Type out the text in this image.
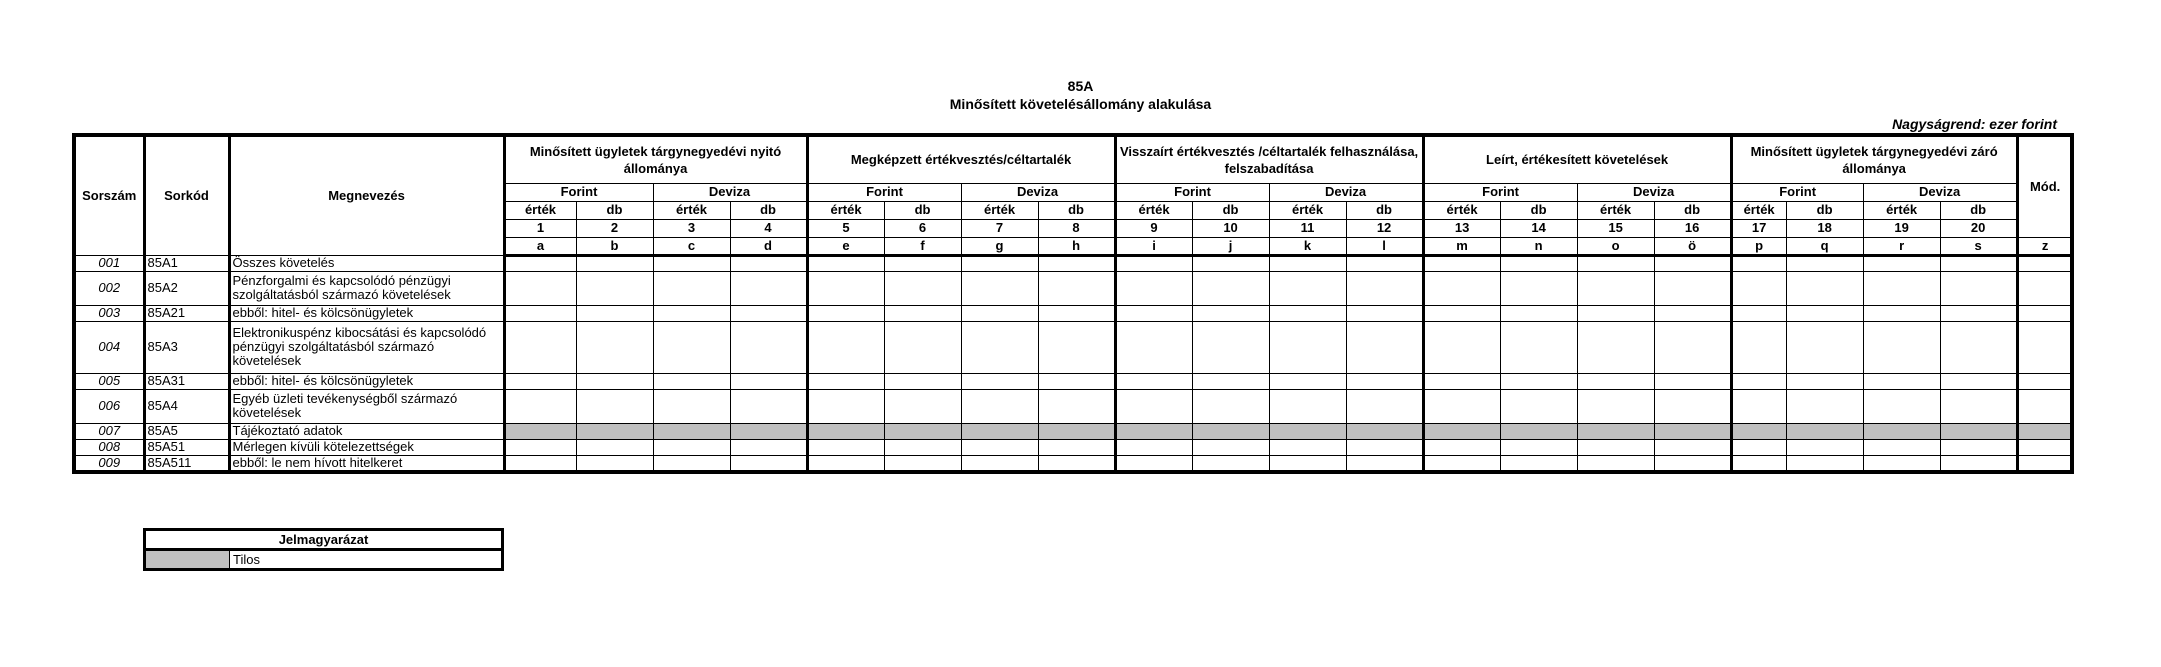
85A
Minősített követelésállomány alakulása
Nagyságrend: ezer forint
Sorszám	Sorkód	Megnevezés	Minősített ügyletek tárgynegyedévi nyitó állománya				Megképzett értékvesztés/céltartalék				Visszaírt értékvesztés /céltartalék felhasználása, felszabadítása				Leírt, értékesített követelések				Minősített ügyletek tárgynegyedévi záró állománya				Mód.	
			Forint		Deviza		Forint		Deviza		Forint		Deviza		Forint		Deviza		Forint		Deviza			
			érték	db	érték	db	érték	db	érték	db	érték	db	érték	db	érték	db	érték	db	érték	db	érték	db		
			1	2	3	4	5	6	7	8	9	10	11	12	13	14	15	16	17	18	19	20	
			a	b	c	d	e	f	g	h	i	j	k	l	m	n	o	ö	p	q	r	s	z	
001	85A1	Összes követelés																						
002	85A2	Pénzforgalmi és kapcsolódó pénzügyi szolgáltatásból származó követelések																						
003	85A21	ebből: hitel- és kölcsönügyletek																						
004	85A3	Elektronikuspénz kibocsátási és kapcsolódó pénzügyi szolgáltatásból származó követelések																						
005	85A31	ebből: hitel- és kölcsönügyletek																						
006	85A4	Egyéb üzleti tevékenységből származó követelések																						
007	85A5	Tájékoztató adatok																						
008	85A51	Mérlegen kívüli kötelezettségek																						
009	85A511	ebből: le nem hívott hitelkeret																						
Jelmagyarázat
	Tilos
